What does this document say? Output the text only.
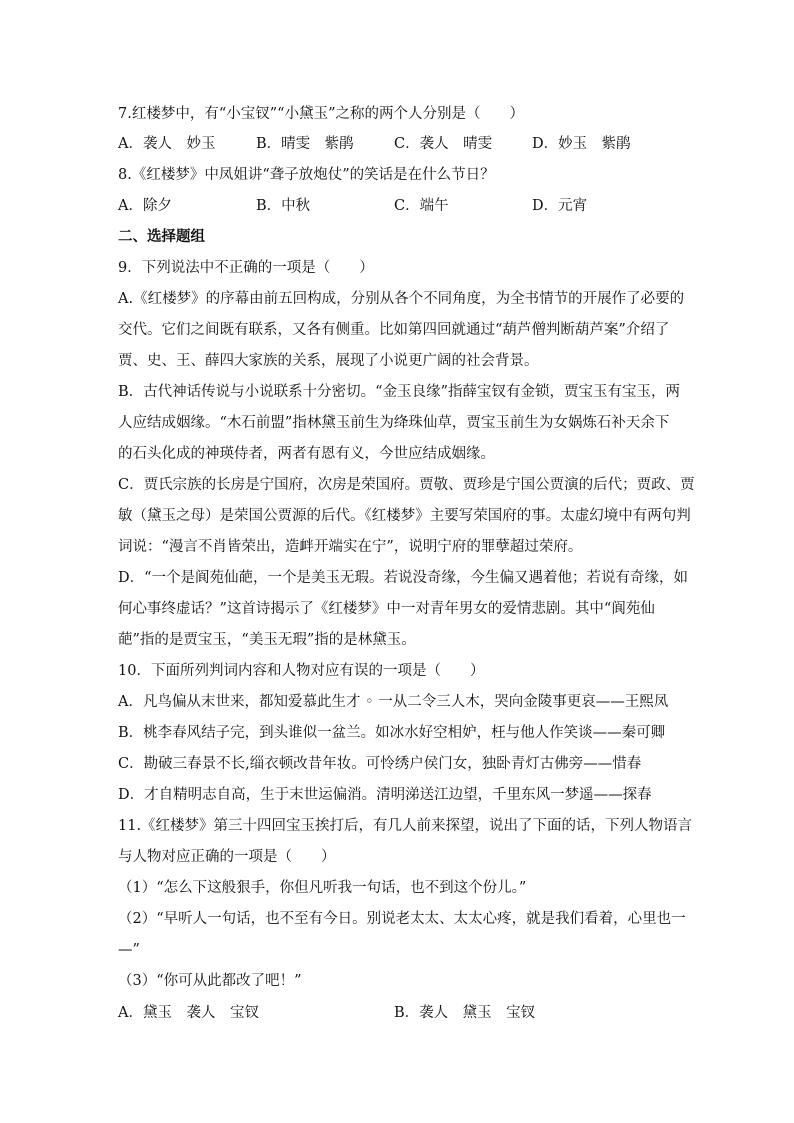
7.红楼梦中，有“小宝钗”“小黛玉”之称的两个人分别是（　　）

A．袭人　妙玉

	B．晴雯　紫鹃

	C．袭人　晴雯

	D．妙玉　紫鹃

8.《红楼梦》中凤姐讲“聋子放炮仗”的笑话是在什么节日？

A．除夕

	B．中秋

	C．端午

	D．元宵

二、选择题组
9．下列说法中不正确的一项是（　　）
A.《红楼梦》的序幕由前五回构成，分别从各个不同角度，为全书情节的开展作了必要的
交代。它们之间既有联系，又各有侧重。比如第四回就通过“葫芦僧判断葫芦案”介绍了
贾、史、王、薛四大家族的关系，展现了小说更广阔的社会背景。
B．古代神话传说与小说联系十分密切。“金玉良缘”指薛宝钗有金锁，贾宝玉有宝玉，两
人应结成姻缘。“木石前盟”指林黛玉前生为绛珠仙草，贾宝玉前生为女娲炼石补天余下
的石头化成的神瑛侍者，两者有恩有义，今世应结成姻缘。
C．贾氏宗族的长房是宁国府，次房是荣国府。贾敬、贾珍是宁国公贾演的后代；贾政、贾
敏（黛玉之母）是荣国公贾源的后代。《红楼梦》主要写荣国府的事。太虚幻境中有两句判
词说：“漫言不肖皆荣出，造衅开端实在宁”，说明宁府的罪孽超过荣府。
D．“一个是阆苑仙葩，一个是美玉无瑕。若说没奇缘，今生偏又遇着他；若说有奇缘，如
何心事终虚话？”这首诗揭示了《红楼梦》中一对青年男女的爱情悲剧。其中“阆苑仙
葩”指的是贾宝玉，“美玉无瑕”指的是林黛玉。
10．下面所列判词内容和人物对应有误的一项是（　　）
A．凡鸟偏从末世来，都知爱慕此生才 ◦ 一从二令三人木，哭向金陵事更哀——王熙凤
B．桃李春风结子完，到头谁似一盆兰。如冰水好空相妒，枉与他人作笑谈——秦可卿
C．勘破三春景不长,缁衣顿改昔年妆。可怜绣户侯门女，独卧青灯古佛旁——惜春
D．才自精明志自高，生于末世运偏消。清明涕送江边望，千里东风一梦遥——探春
11.《红楼梦》第三十四回宝玉挨打后，有几人前来探望，说出了下面的话，下列人物语言
与人物对应正确的一项是（　　）
（1）“怎么下这般狠手，你但凡听我一句话，也不到这个份儿。”
（2）“早听人一句话，也不至有今日。别说老太太、太太心疼，就是我们看着，心里也一
—”
（3）“你可从此都改了吧！”

A．黛玉　袭人　宝钗

	B．袭人　黛玉　宝钗
